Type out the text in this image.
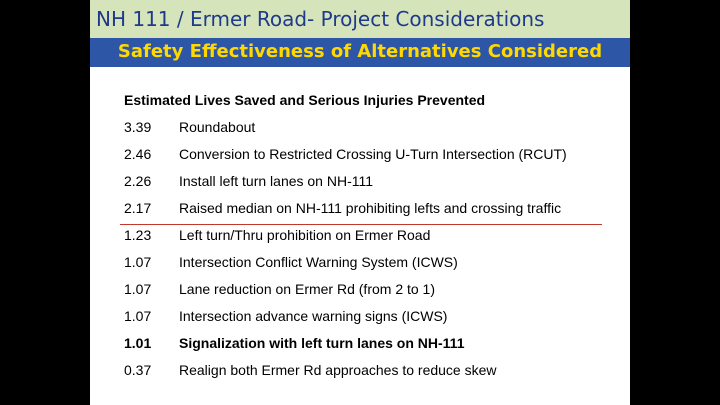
NH 111 / Ermer Road- Project Considerations
Safety Effectiveness of Alternatives Considered
Estimated Lives Saved and Serious Injuries Prevented
3.39 Roundabout
2.46 Conversion to Restricted Crossing U-Turn Intersection (RCUT)
2.26 Install left turn lanes on NH-111
2.17 Raised median on NH-111 prohibiting lefts and crossing traffic
1.23 Left turn/Thru prohibition on Ermer Road
1.07 Intersection Conflict Warning System (ICWS)
1.07 Lane reduction on Ermer Rd (from 2 to 1)
1.07 Intersection advance warning signs (ICWS)
1.01 Signalization with left turn lanes on NH-111
0.37 Realign both Ermer Rd approaches to reduce skew
